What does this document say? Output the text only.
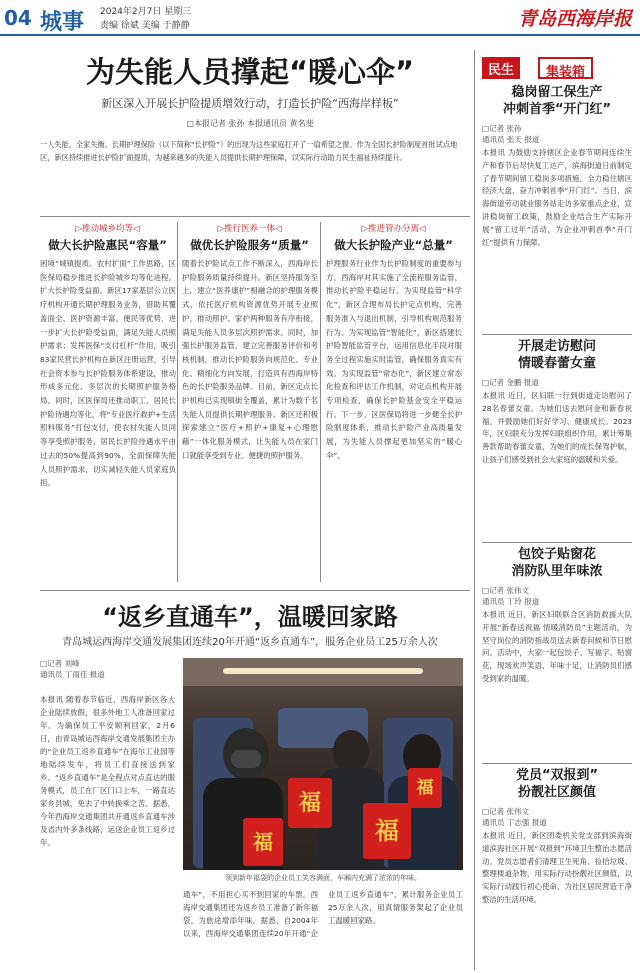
04 城事 2024年2月7日 星期三
责编 徐斌 美编 于静静	青岛西海岸报
为失能人员撑起“暖心伞”
新区深入开展长护险提质增效行动，打造长护险“西海岸样板”
□本报记者 张孙 本报通讯员 黄名斐
一人失能，全家失衡。长期护理保险（以下简称“长护险”）的出现为这些家庭打开了一扇希望之窗。作为全国长护险制度首批试点地区，新区持续推进长护险扩面提质，为越来越多的失能人员提供长期护理保障，以实际行动助力民生福祉持续提升。
▷推动城乡均等◁
做大长护险惠民“容量”
▷推行医养一体◁
做优长护险服务“质量”
▷推进管办分离◁
做大长护险产业“总量”
困境“城镇提质、农村扩面”工作思路，区医保局稳步推进长护险城乡均等化进程，扩大长护险受益面。新区17家基层公立医疗机构开通长期护理服务业务，借助其覆盖面全、医护资源丰富、便民等优势，进一步扩大长护险受益面，满足失能人员照护需求；发挥医保“支付杠杆”作用，吸引83家民营长护机构在新区注册运营，引导社会资本参与长护险服务体系建设，推动形成多元化、多层次的长期照护服务格局。同时，区医保局还推动职工、居民长护险待遇均等化，将“专业医疗救护+生活照料服务”打包支付，使农村失能人员同等享受照护服务，居民长护险待遇水平由过去的50%提高到90%，全面保障失能人员照护需求，切实减轻失能人员家庭负担。
随着长护险试点工作不断深入，西海岸长护险服务质量持续提升。新区坚持服务至上，建立“医养康护”相融合的护理服务模式，依托医疗机构资源优势开展专业照护，推动照护、家护两种服务有序衔接，满足失能人员多层次照护需求。同时，加强长护服务监管，建立完善服务评价和考核机制，推动长护险服务向规范化、专业化、精细化方向发展，打造具有西海岸特色的长护险服务品牌。目前，新区定点长护机构已实现镇街全覆盖，累计为数千名失能人员提供长期护理服务。新区还积极探索建立“医疗+照护+康复+心理慰藉”一体化服务模式，让失能人员在家门口就能享受到专业、便捷的照护服务。
护理服务行业作为长护险制度的重要参与方，西海岸对其实施了全流程服务监管，推动长护险平稳运行。为实现监管“科学化”，新区合理布局长护定点机构，完善服务准入与退出机制，引导机构规范服务行为。为实现监管“智能化”，新区搭建长护险智能监管平台，运用信息化手段对服务全过程实施实时监管，确保服务真实有效。为实现监管“常态化”，新区建立常态化检查和评估工作机制，对定点机构开展专项检查，确保长护险基金安全平稳运行。下一步，区医保局将进一步健全长护险制度体系，推动长护险产业高质量发展，为失能人员撑起更加坚实的“暖心伞”。
民生	集装箱
稳岗留工保生产
冲刺首季“开门红”
□记者 张孙
通讯员 张天 报道
本报讯 为鼓励支持辖区企业春节期间连续生产和春节后尽快复工达产，滨海街道日前制定了春节期间留工稳岗多项措施，全力稳住辖区经济大盘，奋力冲刺首季“开门红”。当日，滨海街道劳动就业服务站走访多家重点企业，宣讲稳岗留工政策，鼓励企业结合生产实际开展“留工过年”活动，为企业冲刺首季“开门红”提供有力保障。
开展走访慰问
情暖春蕾女童
□记者 金鹏 报道
本报讯 近日，区妇联一行到街道走访慰问了28名春蕾女童。为她们送去慰问金和新春祝福，并鼓励她们好好学习、健康成长。2023年，区妇联充分发挥妇联组织作用，累计筹集善款帮助春蕾女童，为她们的成长保驾护航，让孩子们感受到社会大家庭的温暖和关爱。
包饺子贴窗花
消防队里年味浓
□记者 张伟文
通讯员 丁玲 报道
本报讯 近日，新区妇联联合区消防救援大队开展“新春送祝福 情暖消防员”主题活动，为坚守岗位的消防指战员送去新春问候和节日慰问。活动中，大家一起包饺子、写福字、贴窗花，现场欢声笑语，年味十足，让消防员们感受到家的温暖。
党员“双报到”
扮靓社区颜值
□记者 张伟文
通讯员 丁志强 报道
本报讯 近日，新区团委机关党支部到滨海街道滨海社区开展“双报到”环境卫生整治志愿活动。党员志愿者们清理卫生死角、捡拾垃圾、整理楼道杂物，用实际行动扮靓社区颜值，以实际行动践行初心使命，为社区居民营造干净整洁的生活环境。
“返乡直通车”，温暖回家路
青岛城运西海岸交通发展集团连续20年开通“返乡直通车”，服务企业员工25万余人次
□记者 刘峰
通讯员 丁雨佳 报道
本报讯 随着春节临近，西海岸新区各大企业陆续放假，很多外地工人准备回家过年。为确保员工平安顺利回家，2月6日，由青岛城运西海岸交通发展集团主办的“企业员工返乡直通车”在海尔工业园等地陆续发车，将员工们直接送到家乡。“返乡直通车”是全程点对点直达的服务模式，员工在厂区门口上车，一路直达家乡县城，免去了中转换乘之苦。据悉，今年西海岸交通集团共开通返乡直通车涉及省内外多条线路，运送企业员工返乡过年。
福
福
福
福
领到新年福袋的企业员工笑容满面，车厢内充满了浓浓的年味。
通车”，不用担心买不到回家的车票。西海岸交通集团还为返乡员工准备了新年福袋，为旅途增添年味。据悉，自2004年以来，西海岸交通集团连续20年开通“企业员工返乡直通车”，累计服务企业员工25万余人次，用真情服务架起了企业员工温暖回家路。
